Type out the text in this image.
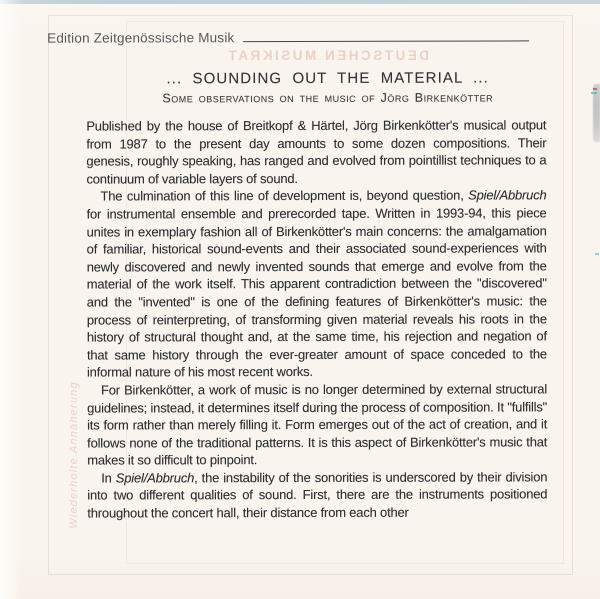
DEUTSCHEN MUSIKRAT
Wiederholte Annäherung
Edition Zeitgenössische Musik
... SOUNDING OUT THE MATERIAL ...
Some observations on the music of Jörg Birkenkötter

Published by the house of Breitkopf & Härtel, Jörg Birkenkötter's musical output from 1987 to the present day amounts to some dozen compositions. Their genesis, roughly speaking, has ranged and evolved from pointillist techniques to a continuum of variable layers of sound.

The culmination of this line of development is, beyond question, Spiel/Abbruch for instrumental ensemble and prerecorded tape. Written in 1993-94, this piece unites in exemplary fashion all of Birkenkötter's main concerns: the amalgamation of familiar, historical sound-events and their associated sound-experiences with newly discovered and newly invented sounds that emerge and evolve from the material of the work itself. This apparent contradiction between the "discovered" and the "invented" is one of the defining features of Birkenkötter's music: the process of reinterpreting, of transforming given material reveals his roots in the history of structural thought and, at the same time, his rejection and negation of that same history through the ever-greater amount of space conceded to the informal nature of his most recent works.

For Birkenkötter, a work of music is no longer determined by external structural guidelines; instead, it determines itself during the process of composition. It "fulfills" its form rather than merely filling it. Form emerges out of the act of creation, and it follows none of the traditional patterns. It is this aspect of Birkenkötter's music that makes it so difficult to pinpoint.

In Spiel/Abbruch, the instability of the sonorities is underscored by their division into two different qualities of sound. First, there are the instruments positioned throughout the concert hall, their distance from each other
